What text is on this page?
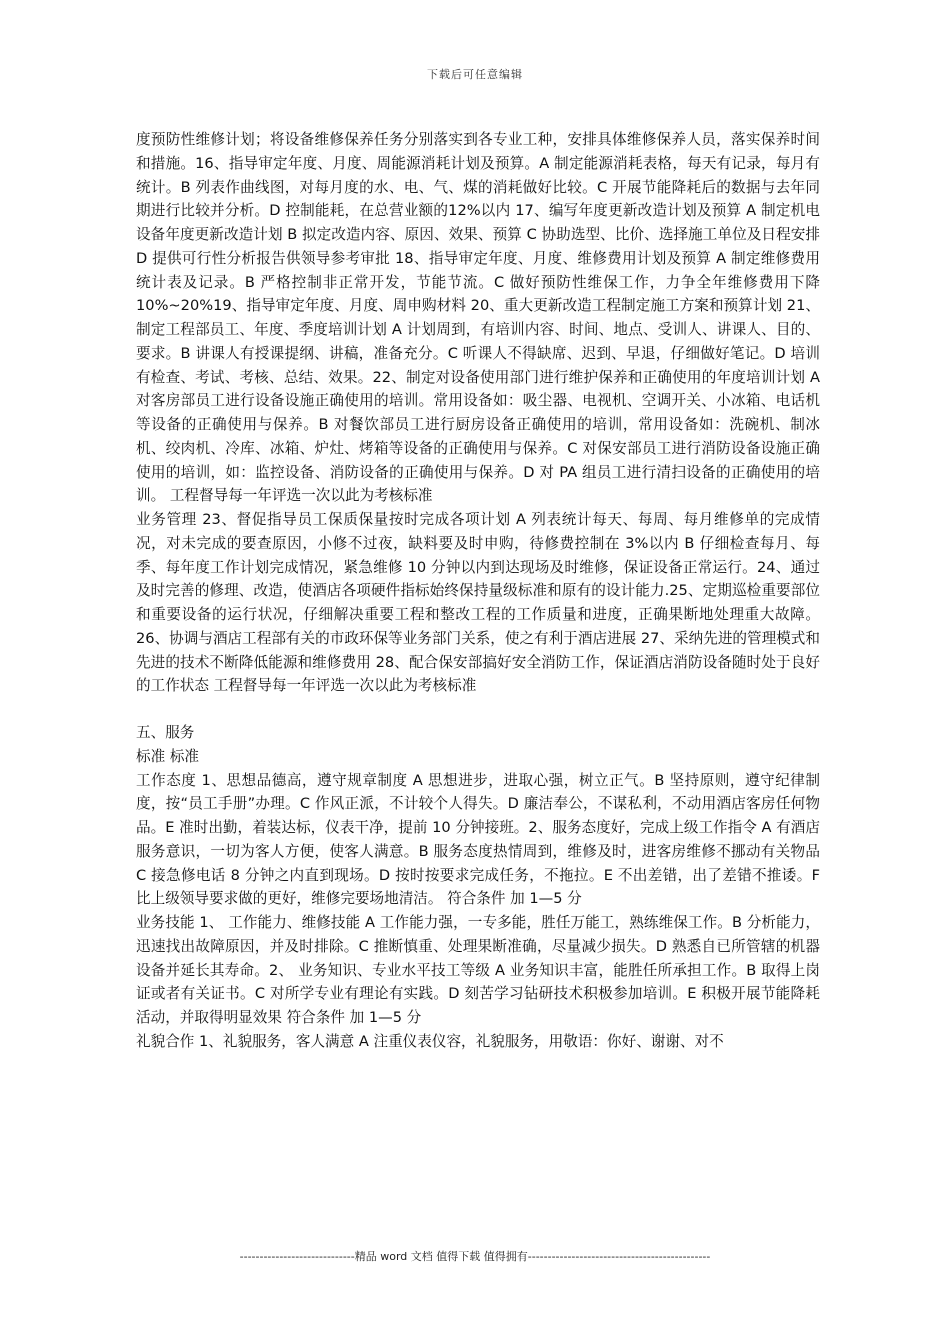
下载后可任意编辑

度预防性维修计划；将设备维修保养任务分别落实到各专业工种，安排具体维修保养人员，落实保养时间和措施。16、指导审定年度、月度、周能源消耗计划及预算。A 制定能源消耗表格，每天有记录，每月有统计。B 列表作曲线图，对每月度的水、电、气、煤的消耗做好比较。C 开展节能降耗后的数据与去年同期进行比较并分析。D 控制能耗，在总营业额的12%以内 17、编写年度更新改造计划及预算 A 制定机电设备年度更新改造计划 B 拟定改造内容、原因、效果、预算 C 协助选型、比价、选择施工单位及日程安排 D 提供可行性分析报告供领导参考审批 18、指导审定年度、月度、维修费用计划及预算 A 制定维修费用统计表及记录。B 严格控制非正常开发，节能节流。C 做好预防性维保工作，力争全年维修费用下降10%~20%19、指导审定年度、月度、周申购材料 20、重大更新改造工程制定施工方案和预算计划 21、制定工程部员工、年度、季度培训计划 A 计划周到，有培训内容、时间、地点、受训人、讲课人、目的、要求。B 讲课人有授课提纲、讲稿，准备充分。C 听课人不得缺席、迟到、早退，仔细做好笔记。D 培训有检查、考试、考核、总结、效果。22、制定对设备使用部门进行维护保养和正确使用的年度培训计划 A 对客房部员工进行设备设施正确使用的培训。常用设备如：吸尘器、电视机、空调开关、小冰箱、电话机等设备的正确使用与保养。B 对餐饮部员工进行厨房设备正确使用的培训，常用设备如：洗碗机、制冰机、绞肉机、冷库、冰箱、炉灶、烤箱等设备的正确使用与保养。C 对保安部员工进行消防设备设施正确使用的培训，如：监控设备、消防设备的正确使用与保养。D 对 PA 组员工进行清扫设备的正确使用的培训。 工程督导每一年评选一次以此为考核标准

业务管理 23、督促指导员工保质保量按时完成各项计划 A 列表统计每天、每周、每月维修单的完成情况，对未完成的要查原因，小修不过夜，缺料要及时申购，待修费控制在 3%以内 B 仔细检查每月、每季、每年度工作计划完成情况，紧急维修 10 分钟以内到达现场及时维修，保证设备正常运行。24、通过及时完善的修理、改造，使酒店各项硬件指标始终保持量级标准和原有的设计能力.25、定期巡检重要部位和重要设备的运行状况，仔细解决重要工程和整改工程的工作质量和进度，正确果断地处理重大故障。26、协调与酒店工程部有关的市政环保等业务部门关系，使之有利于酒店进展 27、采纳先进的管理模式和先进的技术不断降低能源和维修费用 28、配合保安部搞好安全消防工作，保证酒店消防设备随时处于良好的工作状态 工程督导每一年评选一次以此为考核标准

五、服务

标准 标准

工作态度 1、思想品德高，遵守规章制度 A 思想进步，进取心强，树立正气。B 坚持原则，遵守纪律制度，按“员工手册”办理。C 作风正派，不计较个人得失。D 廉洁奉公，不谋私利，不动用酒店客房任何物品。E 准时出勤，着装达标，仪表干净，提前 10 分钟接班。2、服务态度好，完成上级工作指令 A 有酒店服务意识，一切为客人方便，使客人满意。B 服务态度热情周到，维修及时，进客房维修不挪动有关物品 C 接急修电话 8 分钟之内直到现场。D 按时按要求完成任务，不拖拉。E 不出差错，出了差错不推诿。F 比上级领导要求做的更好，维修完要场地清洁。 符合条件 加 1—5 分

业务技能 1、 工作能力、维修技能 A 工作能力强，一专多能，胜任万能工，熟练维保工作。B 分析能力，迅速找出故障原因，并及时排除。C 推断慎重、处理果断准确，尽量减少损失。D 熟悉自已所管辖的机器设备并延长其寿命。2、 业务知识、专业水平技工等级 A 业务知识丰富，能胜任所承担工作。B 取得上岗证或者有关证书。C 对所学专业有理论有实践。D 刻苦学习钻研技术积极参加培训。E 积极开展节能降耗活动，并取得明显效果 符合条件 加 1—5 分

礼貌合作 1、礼貌服务，客人满意 A 注重仪表仪容，礼貌服务，用敬语：你好、谢谢、对不

-----------------------------精品 word 文档 值得下载 值得拥有----------------------------------------------
